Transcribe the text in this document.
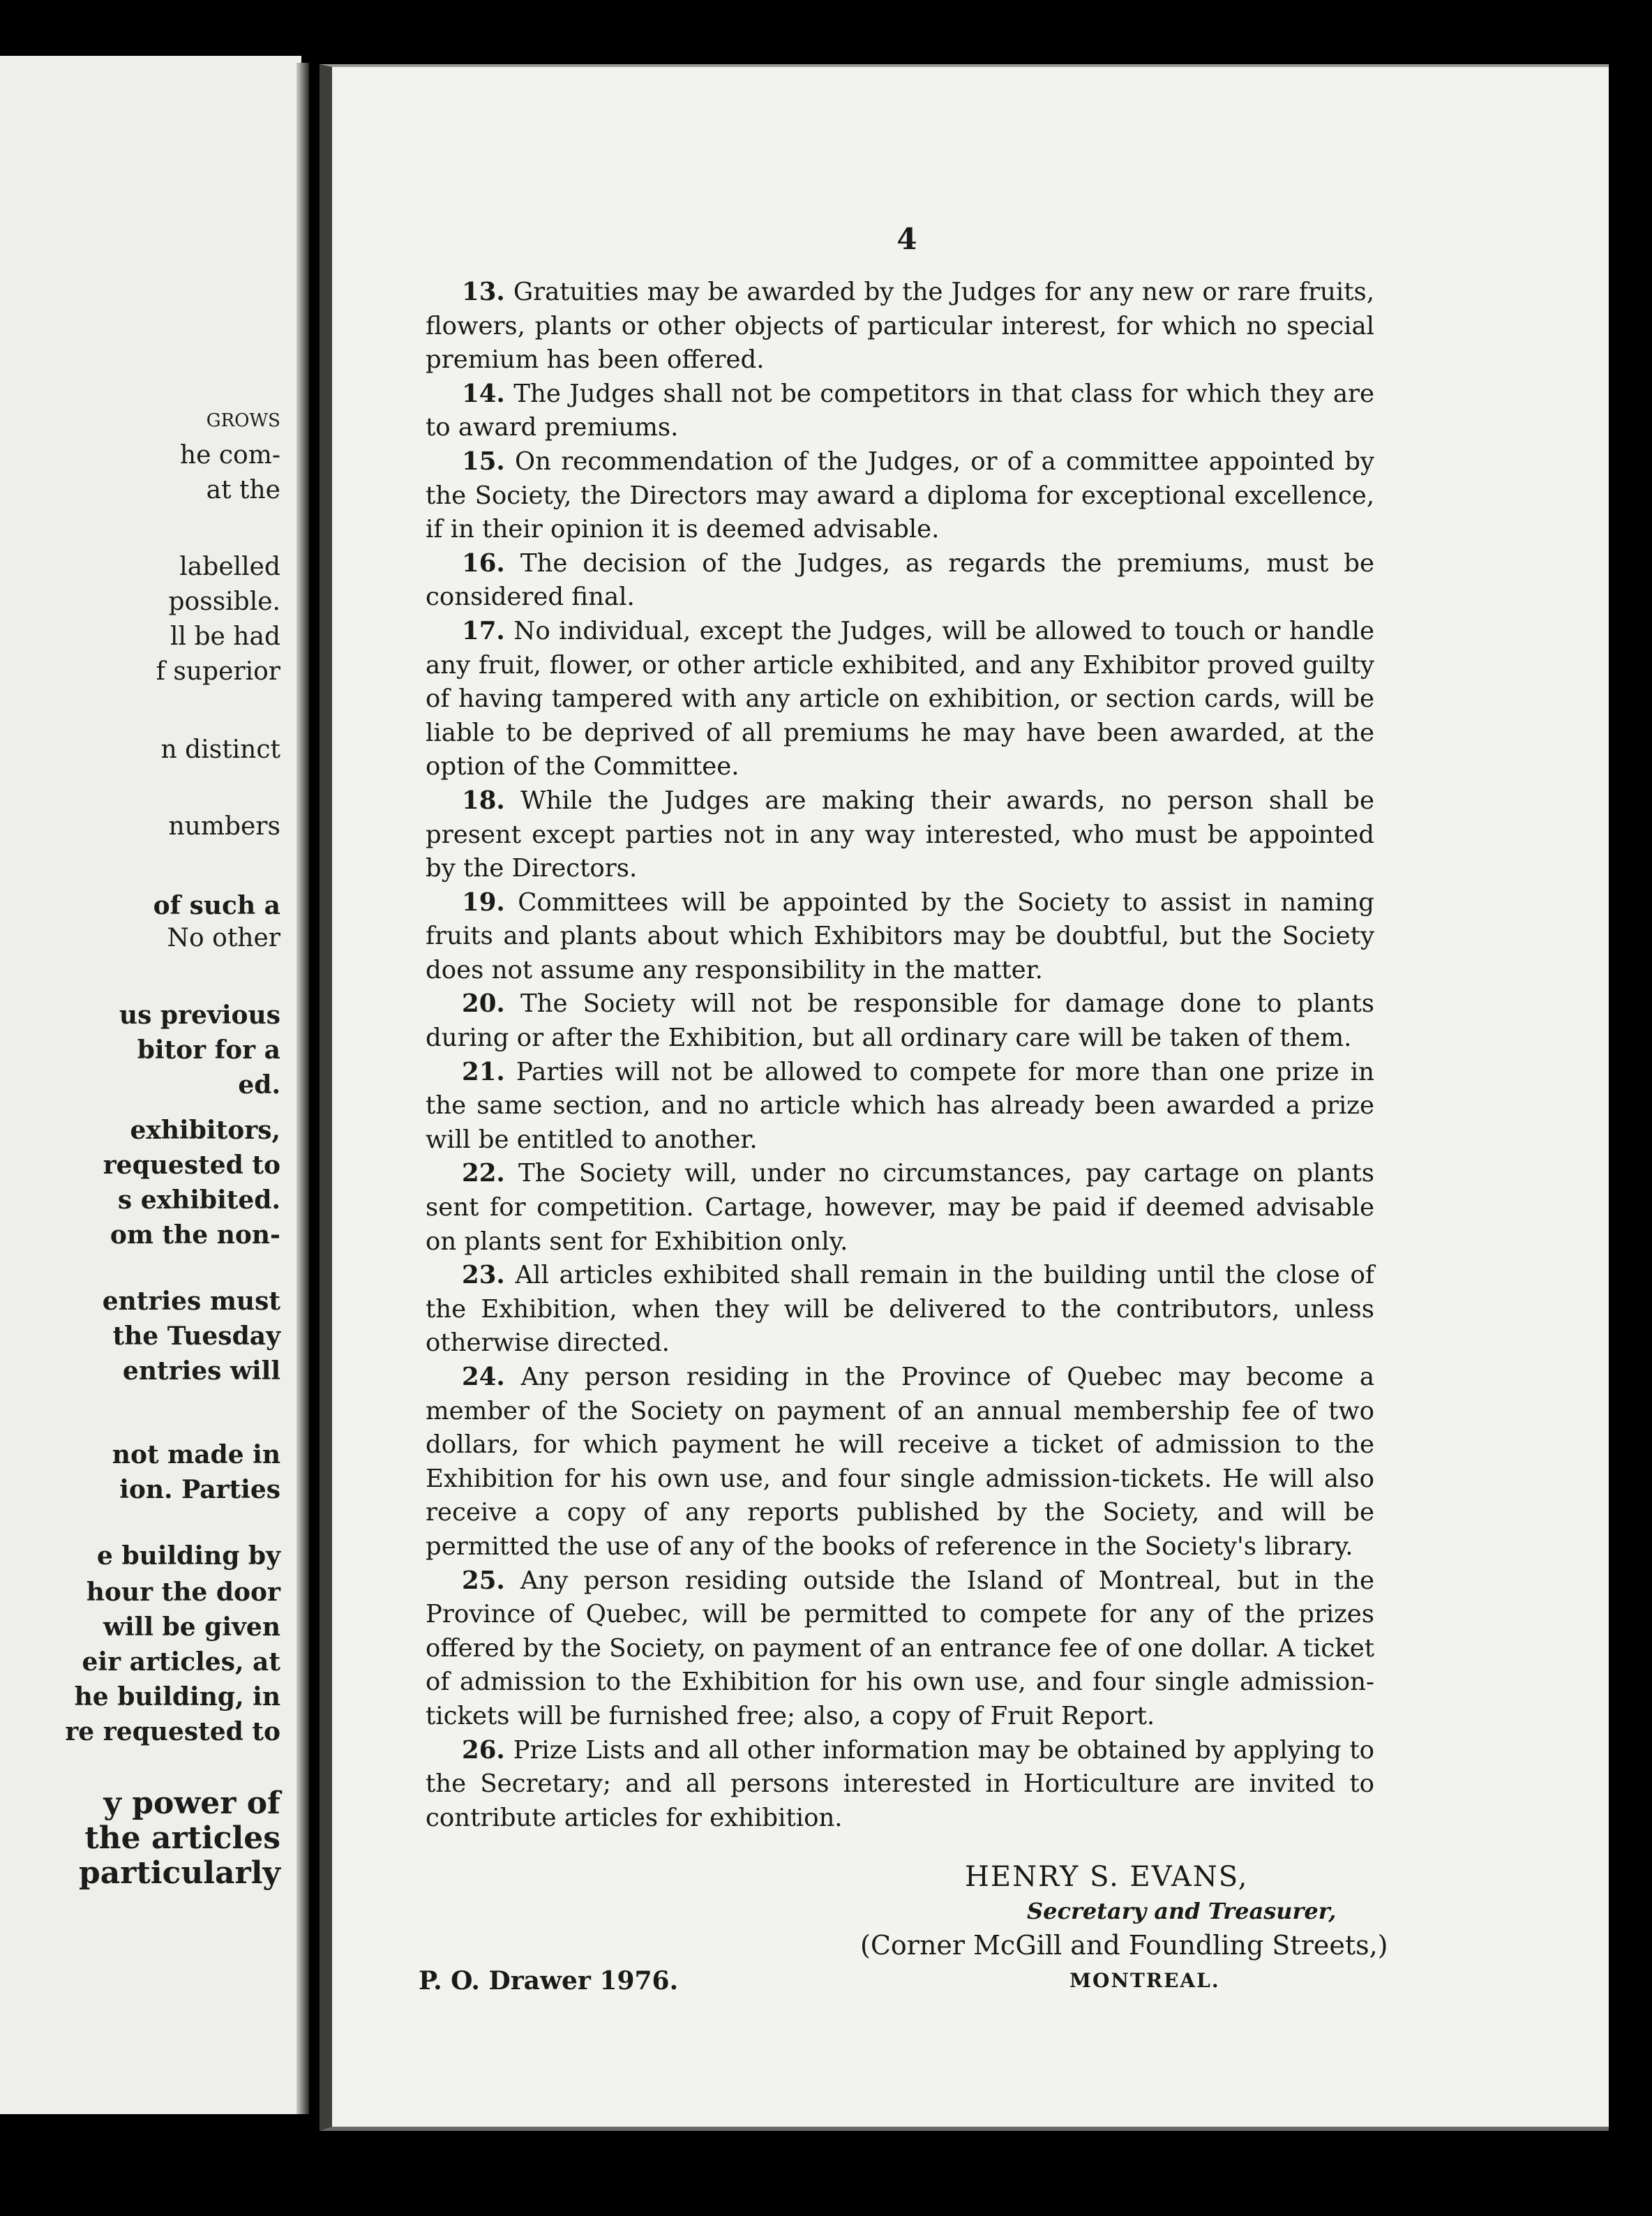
GROWS
he com-
at the
labelled
possible.
ll be had
f superior
n distinct
numbers
of such a
No other
us previous
bitor for a
ed.
exhibitors,
requested to
s exhibited.
om the non-
entries must
the Tuesday
entries will
not made in
ion. Parties
e building by
hour the door
will be given
eir articles, at
he building, in
re requested to
y power of
the articles
particularly
4

13. Gratuities may be awarded by the Judges for any new or rare fruits, flowers, plants or other objects of particular interest, for which no special premium has been offered.

14. The Judges shall not be competitors in that class for which they are to award premiums.

15. On recommendation of the Judges, or of a committee appointed by the Society, the Directors may award a diploma for exceptional excellence, if in their opinion it is deemed advisable.

16. The decision of the Judges, as regards the premiums, must be considered final.

17. No individual, except the Judges, will be allowed to touch or handle any fruit, flower, or other article exhibited, and any Exhibitor proved guilty of having tampered with any article on exhibition, or section cards, will be liable to be deprived of all premiums he may have been awarded, at the option of the Committee.

18. While the Judges are making their awards, no person shall be present except parties not in any way interested, who must be appointed by the Directors.

19. Committees will be appointed by the Society to assist in naming fruits and plants about which Exhibitors may be doubtful, but the Society does not assume any responsibility in the matter.

20. The Society will not be responsible for damage done to plants during or after the Exhibition, but all ordinary care will be taken of them.

21. Parties will not be allowed to compete for more than one prize in the same section, and no article which has already been awarded a prize will be entitled to another.

22. The Society will, under no circumstances, pay cartage on plants sent for competition. Cartage, however, may be paid if deemed advisable on plants sent for Exhibition only.

23. All articles exhibited shall remain in the building until the close of the Exhibition, when they will be delivered to the contributors, unless otherwise directed.

24. Any person residing in the Province of Quebec may become a member of the Society on payment of an annual membership fee of two dollars, for which payment he will receive a ticket of admission to the Exhibition for his own use, and four single admission-tickets. He will also receive a copy of any reports published by the Society, and will be permitted the use of any of the books of reference in the Society's library.

25. Any person residing outside the Island of Montreal, but in the Province of Quebec, will be permitted to compete for any of the prizes offered by the Society, on payment of an entrance fee of one dollar. A ticket of admission to the Exhibition for his own use, and four single admission-tickets will be furnished free; also, a copy of Fruit Report.

26. Prize Lists and all other information may be obtained by applying to the Secretary; and all persons interested in Horticulture are invited to contribute articles for exhibition.

HENRY S. EVANS,
Secretary and Treasurer,
(Corner McGill and Foundling Streets,)
MONTREAL.
P. O. Drawer 1976.
